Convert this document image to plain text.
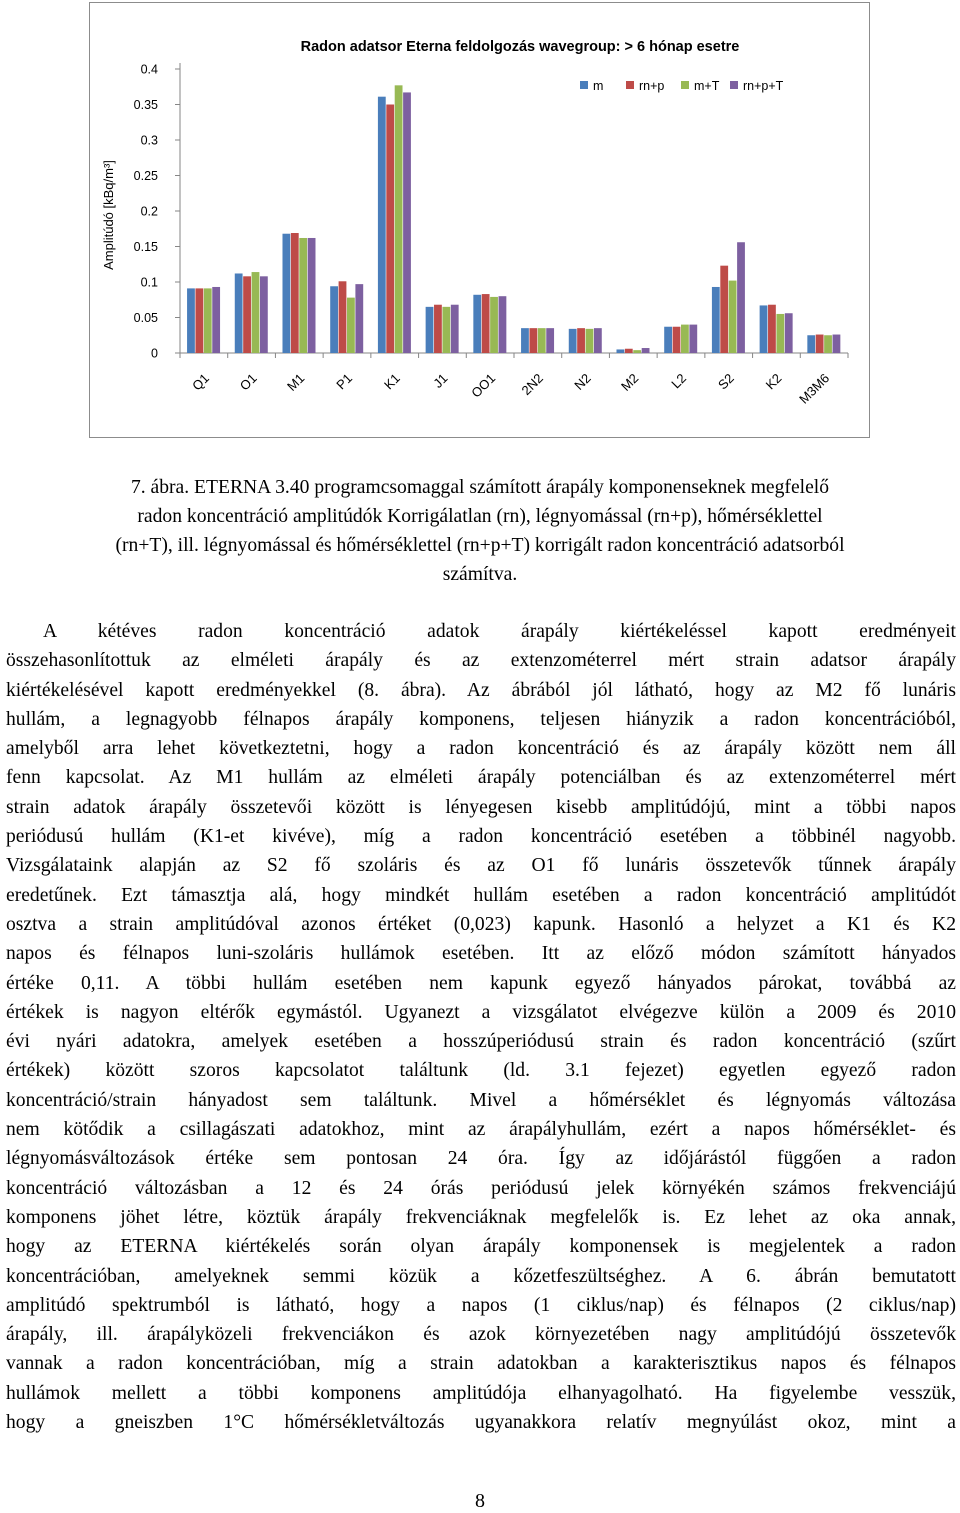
Radon adatsor Eterna feldolgozás wavegroup: > 6 hónap esetre
Amplitúdó [kBq/m³]
0
0.05
0.1
0.15
0.2
0.25
0.3
0.35
0.4
Q1 O1 M1 P1 K1 J1 OO1 2N2 N2 M2 L2 S2 K2 M3M6
m	rn+p m+T rn+p+T

7. ábra. ETERNA 3.40 programcsomaggal számított árapály komponenseknek megfelelő

radon koncentráció amplitúdók Korrigálatlan (rn), légnyomással (rn+p), hőmérséklettel

(rn+T), ill. légnyomással és hőmérséklettel (rn+p+T) korrigált radon koncentráció adatsorból

számítva.

A kétéves radon koncentráció adatok árapály kiértékeléssel kapott eredményeit

összehasonlítottuk az elméleti árapály és az extenzométerrel mért strain adatsor árapály

kiértékelésével kapott eredményekkel (8. ábra). Az ábrából jól látható, hogy az M2 fő lunáris

hullám, a legnagyobb félnapos árapály komponens, teljesen hiányzik a radon koncentrációból,

amelyből arra lehet következtetni, hogy a radon koncentráció és az árapály között nem áll

fenn kapcsolat. Az M1 hullám az elméleti árapály potenciálban és az extenzométerrel mért

strain adatok árapály összetevői között is lényegesen kisebb amplitúdójú, mint a többi napos

periódusú hullám (K1-et kivéve), míg a radon koncentráció esetében a többinél nagyobb.

Vizsgálataink alapján az S2 fő szoláris és az O1 fő lunáris összetevők tűnnek árapály

eredetűnek. Ezt támasztja alá, hogy mindkét hullám esetében a radon koncentráció amplitúdót

osztva a strain amplitúdóval azonos értéket (0,023) kapunk. Hasonló a helyzet a K1 és K2

napos és félnapos luni-szoláris hullámok esetében. Itt az előző módon számított hányados

értéke 0,11. A többi hullám esetében nem kapunk egyező hányados párokat, továbbá az

értékek is nagyon eltérők egymástól. Ugyanezt a vizsgálatot elvégezve külön a 2009 és 2010

évi nyári adatokra, amelyek esetében a hosszúperiódusú strain és radon koncentráció (szűrt

értékek) között szoros kapcsolatot találtunk (ld. 3.1 fejezet) egyetlen egyező radon

koncentráció/strain hányadost sem találtunk. Mivel a hőmérséklet és légnyomás változása

nem kötődik a csillagászati adatokhoz, mint az árapályhullám, ezért a napos hőmérséklet- és

légnyomásváltozások értéke sem pontosan 24 óra. Így az időjárástól függően a radon

koncentráció változásban a 12 és 24 órás periódusú jelek környékén számos frekvenciájú

komponens jöhet létre, köztük árapály frekvenciáknak megfelelők is. Ez lehet az oka annak,

hogy az ETERNA kiértékelés során olyan árapály komponensek is megjelentek a radon

koncentrációban, amelyeknek semmi közük a kőzetfeszültséghez. A 6. ábrán bemutatott

amplitúdó spektrumból is látható, hogy a napos (1 ciklus/nap) és félnapos (2 ciklus/nap)

árapály, ill. árapályközeli frekvenciákon és azok környezetében nagy amplitúdójú összetevők

vannak a radon koncentrációban, míg a strain adatokban a karakterisztikus napos és félnapos

hullámok mellett a többi komponens amplitúdója elhanyagolható. Ha figyelembe vesszük,

hogy a gneiszben 1°C hőmérsékletváltozás ugyanakkora relatív megnyúlást okoz, mint a

8
